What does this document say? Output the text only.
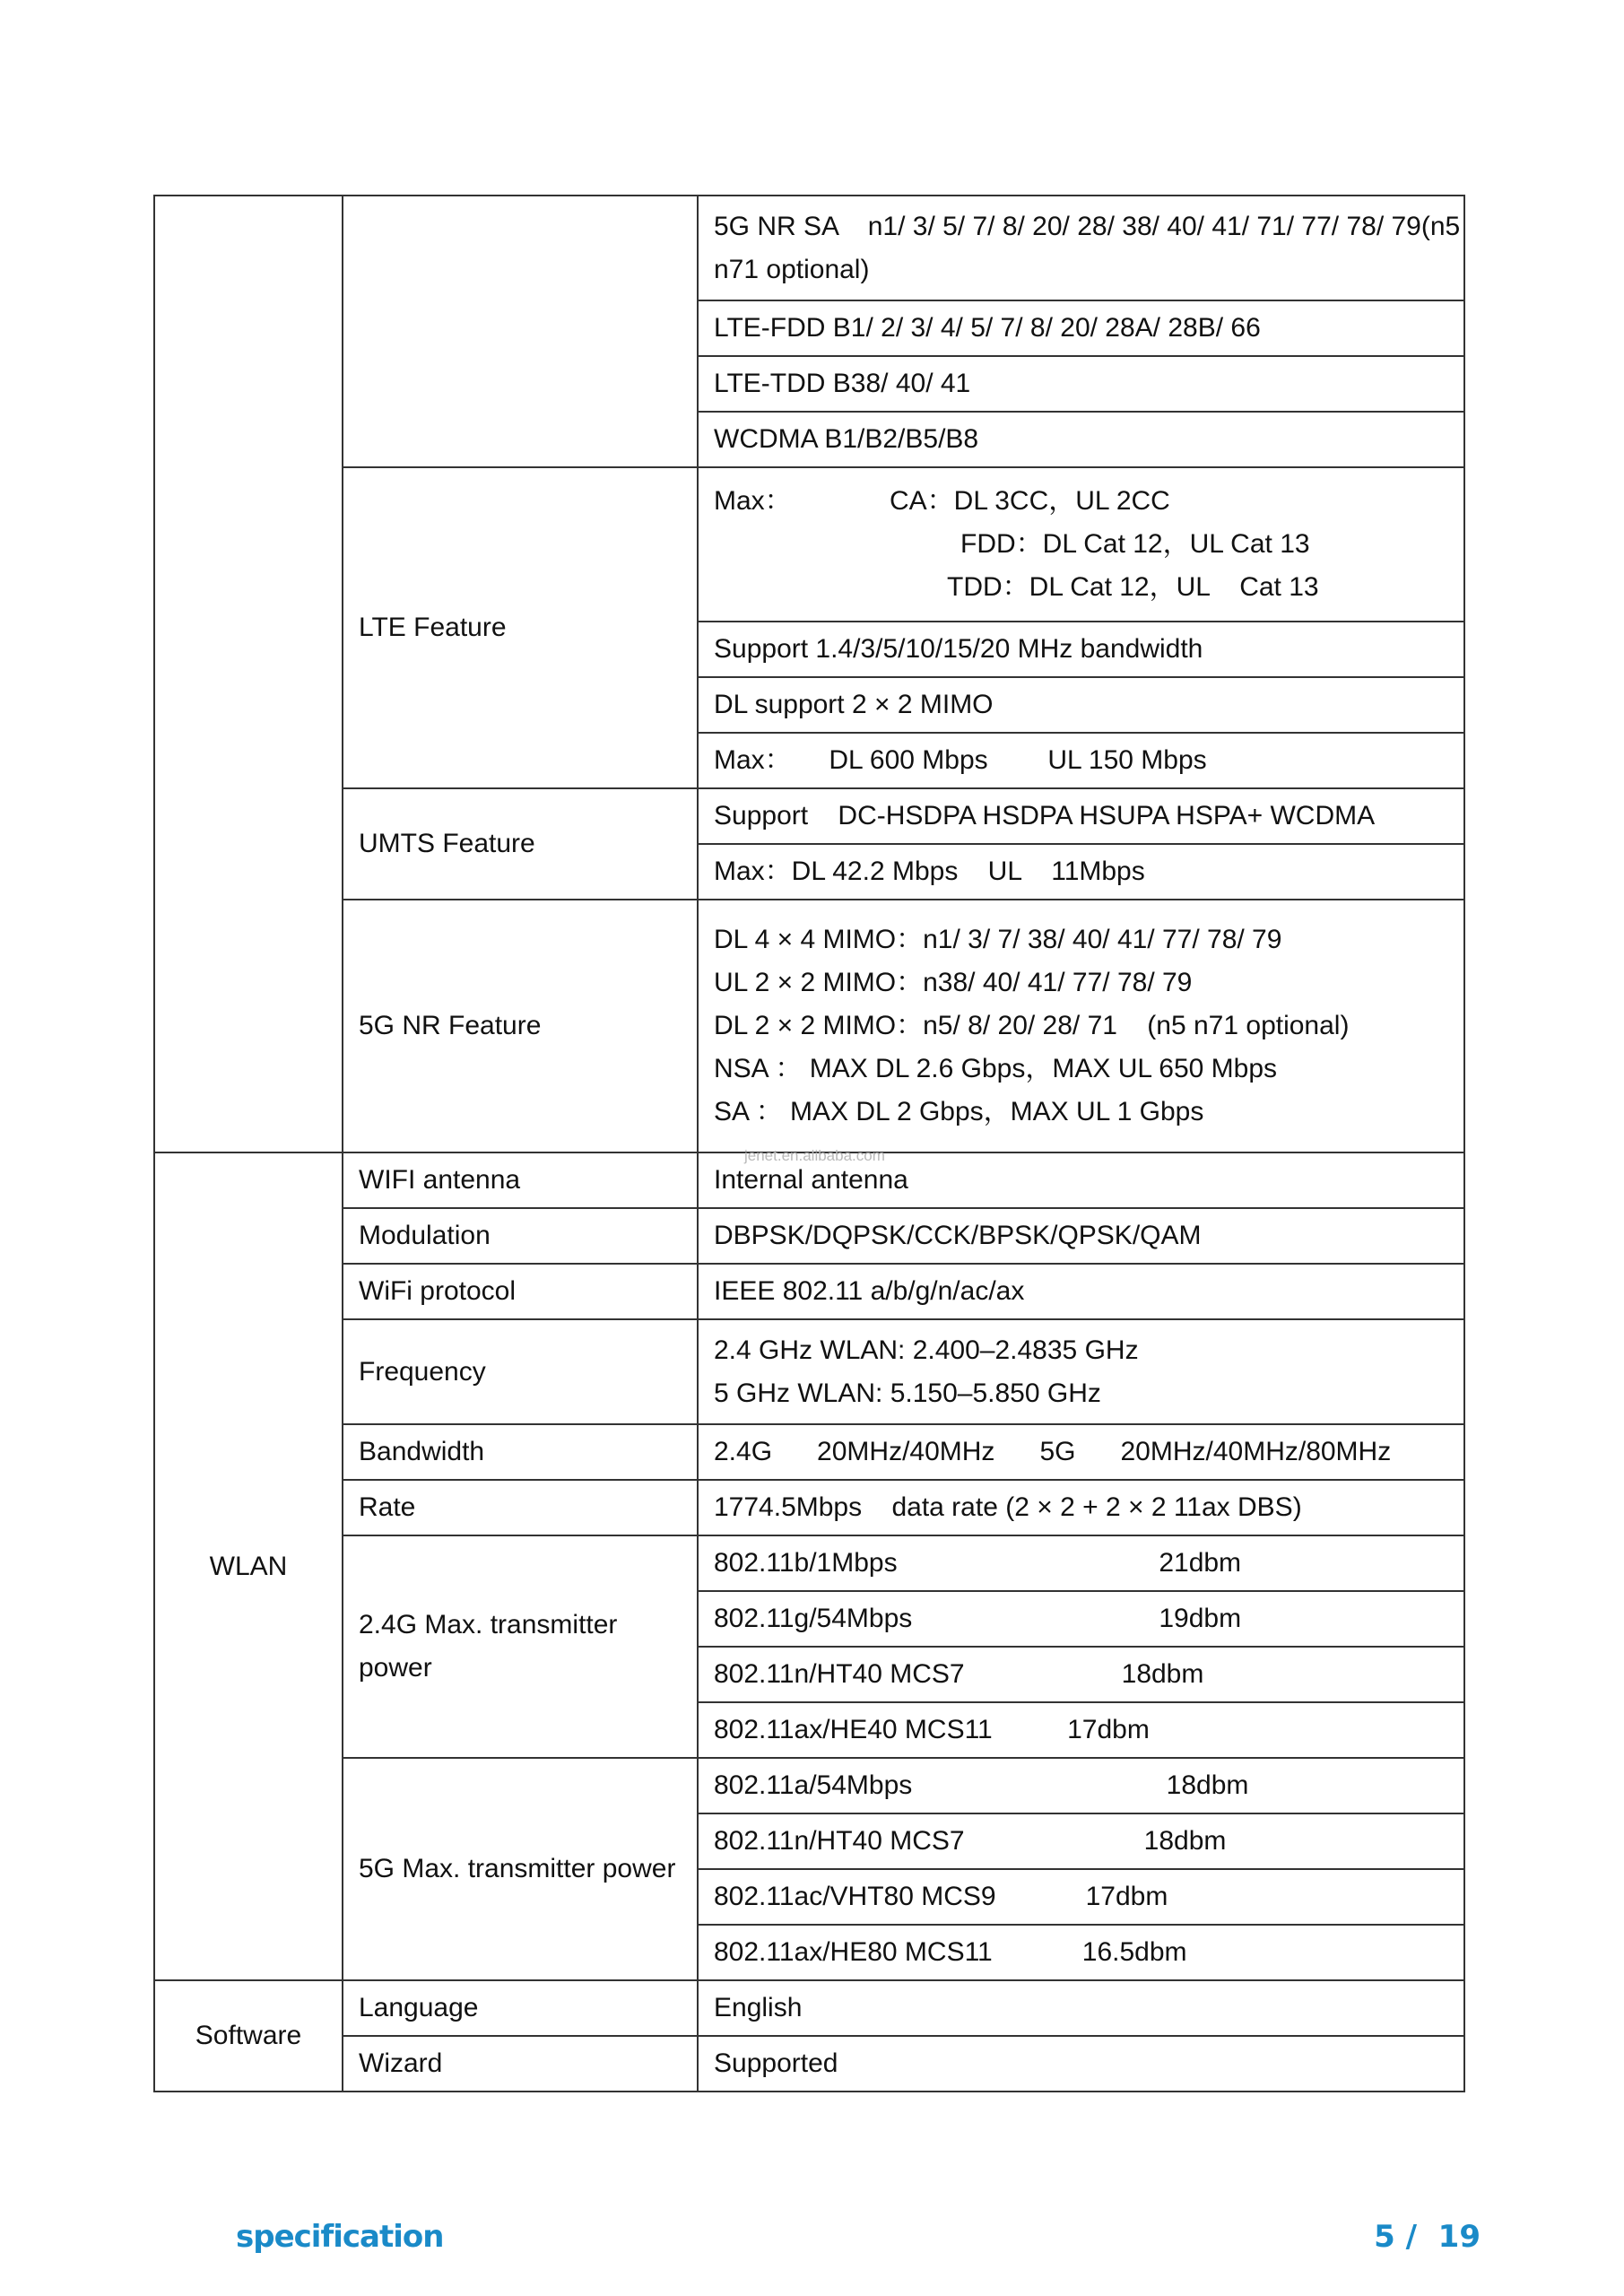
		5G NR SA    n1/ 3/ 5/ 7/ 8/ 20/ 28/ 38/ 40/ 41/ 71/ 77/ 78/ 79(n5
n71 optional)

		LTE-FDD B1/ 2/ 3/ 4/ 5/ 7/ 8/ 20/ 28A/ 28B/ 66

		LTE-TDD B38/ 40/ 41

		WCDMA B1/B2/B5/B8

	LTE Feature	Max： CA：DL 3CC，UL 2CC
FDD：DL Cat 12，UL Cat 13
TDD：DL Cat 12，UL    Cat 13

		Support 1.4/3/5/10/15/20 MHz bandwidth

		DL support 2 × 2 MIMO

		Max：     DL 600 Mbps        UL 150 Mbps

	UMTS Feature	Support    DC-HSDPA HSDPA HSUPA HSPA+ WCDMA

		Max：DL 42.2 Mbps    UL    11Mbps

	5G NR Feature	DL 4 × 4 MIMO：n1/ 3/ 7/ 38/ 40/ 41/ 77/ 78/ 79
UL 2 × 2 MIMO：n38/ 40/ 41/ 77/ 78/ 79
DL 2 × 2 MIMO：n5/ 8/ 20/ 28/ 71    (n5 n71 optional)
NSA ： MAX DL 2.6 Gbps，MAX UL 650 Mbps
SA ： MAX DL 2 Gbps，MAX UL 1 Gbps

WLAN	WIFI antenna	Internal antenna

	Modulation	DBPSK/DQPSK/CCK/BPSK/QPSK/QAM

	WiFi protocol	IEEE 802.11 a/b/g/n/ac/ax

	Frequency	2.4 GHz WLAN: 2.400–2.4835 GHz
5 GHz WLAN: 5.150–5.850 GHz

	Bandwidth	2.4G      20MHz/40MHz      5G      20MHz/40MHz/80MHz

	Rate	1774.5Mbps    data rate (2 × 2 + 2 × 2 11ax DBS)

	2.4G Max. transmitter power	802.11b/1Mbps                                   21dbm

		802.11g/54Mbps                                 19dbm

		802.11n/HT40 MCS7                     18dbm

		802.11ax/HE40 MCS11          17dbm

	5G Max. transmitter power	802.11a/54Mbps                                  18dbm

		802.11n/HT40 MCS7                        18dbm

		802.11ac/VHT80 MCS9            17dbm

		802.11ax/HE80 MCS11            16.5dbm

Software	Language	English

	Wizard	Supported
jenet.en.alibaba.com
specification	5 /  19
